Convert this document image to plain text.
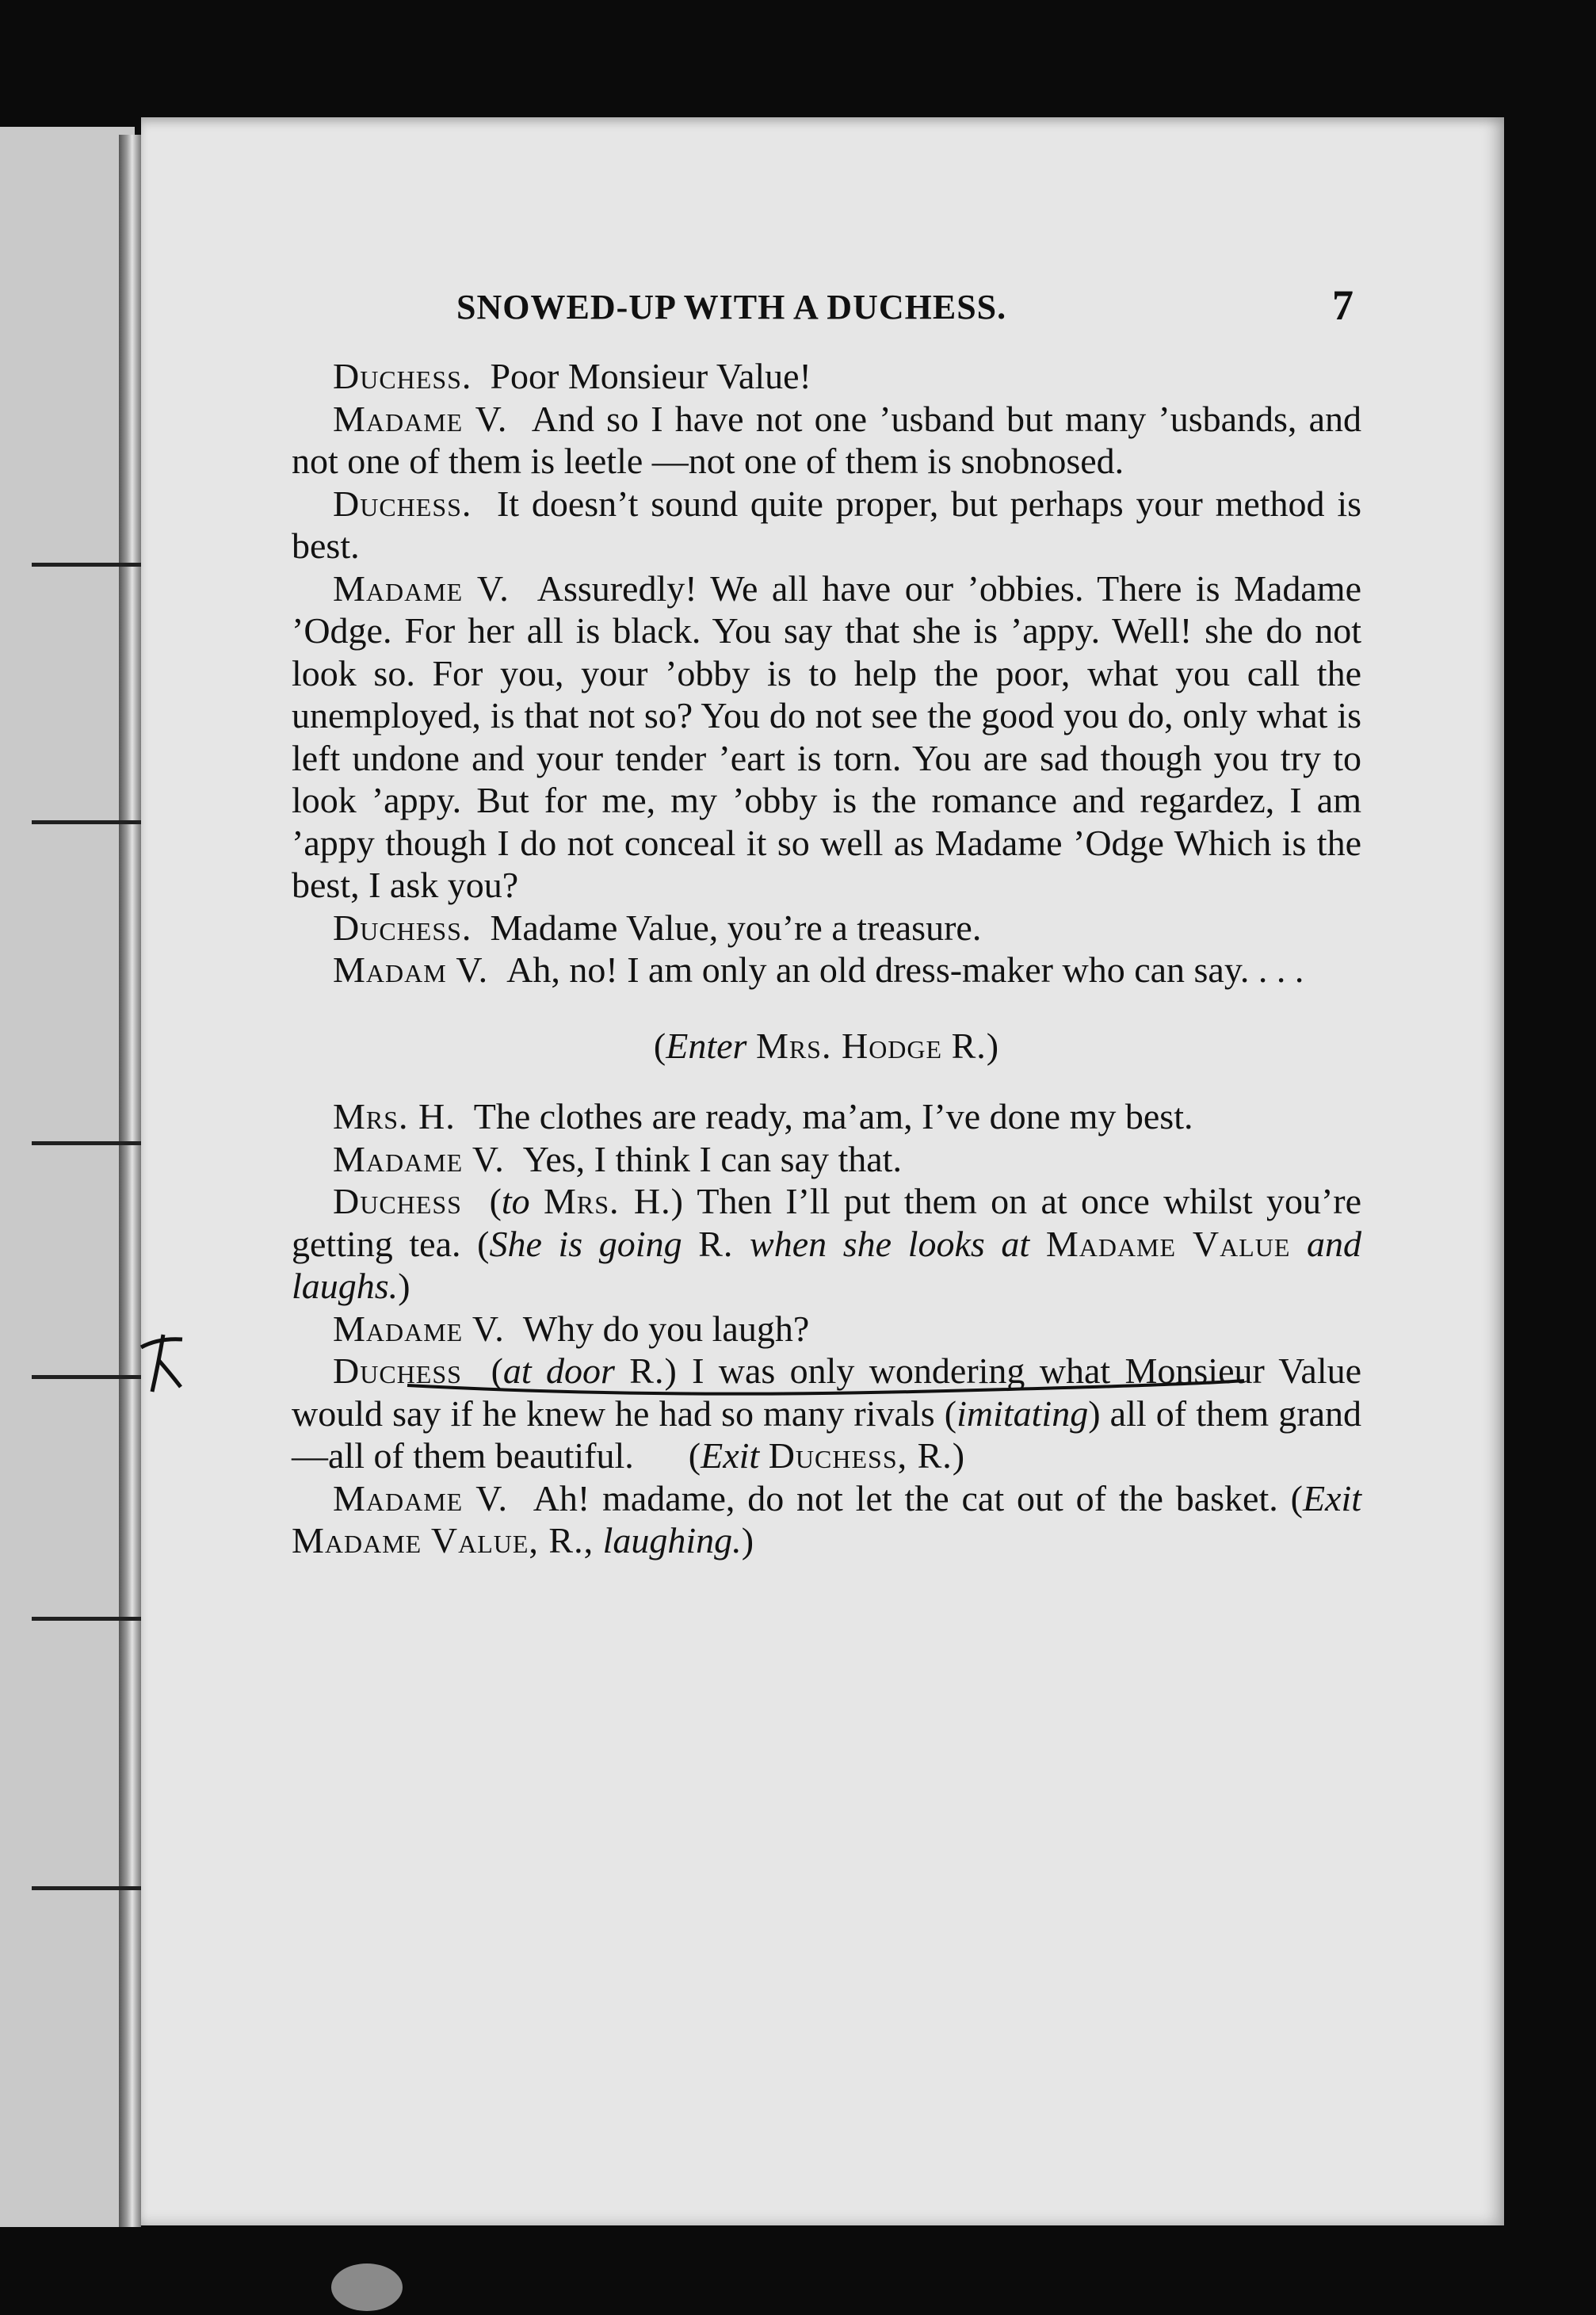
SNOWED-UP WITH A DUCHESS.	7

Duchess. Poor Monsieur Value!

Madame V. And so I have not one ’usband but many ’usbands, and not one of them is leetle —not one of them is snobnosed.

Duchess. It doesn’t sound quite proper, but perhaps your method is best.

Madame V. Assuredly! We all have our ’obbies. There is Madame ’Odge. For her all is black. You say that she is ’appy. Well! she do not look so. For you, your ’obby is to help the poor, what you call the unemployed, is that not so? You do not see the good you do, only what is left undone and your tender ’eart is torn. You are sad though you try to look ’appy. But for me, my ’obby is the romance and regardez, I am ’appy though I do not conceal it so well as Madame ’Odge Which is the best, I ask you?

Duchess. Madame Value, you’re a treasure.

Madam V. Ah, no! I am only an old dress-maker who can say. . . .

(Enter Mrs. Hodge R.)

Mrs. H. The clothes are ready, ma’am, I’ve done my best.

Madame V. Yes, I think I can say that.

Duchess (to Mrs. H.) Then I’ll put them on at once whilst you’re getting tea. (She is going R. when she looks at Madame Value and laughs.)

Madame V. Why do you laugh?

Duchess (at door R.) I was only wondering what Monsieur Value would say if he knew he had so many rivals (imitating) all of them grand—all of them beautiful. (Exit Duchess, R.)

Madame V. Ah! madame, do not let the cat out of the basket. (Exit Madame Value, R., laughing.)
